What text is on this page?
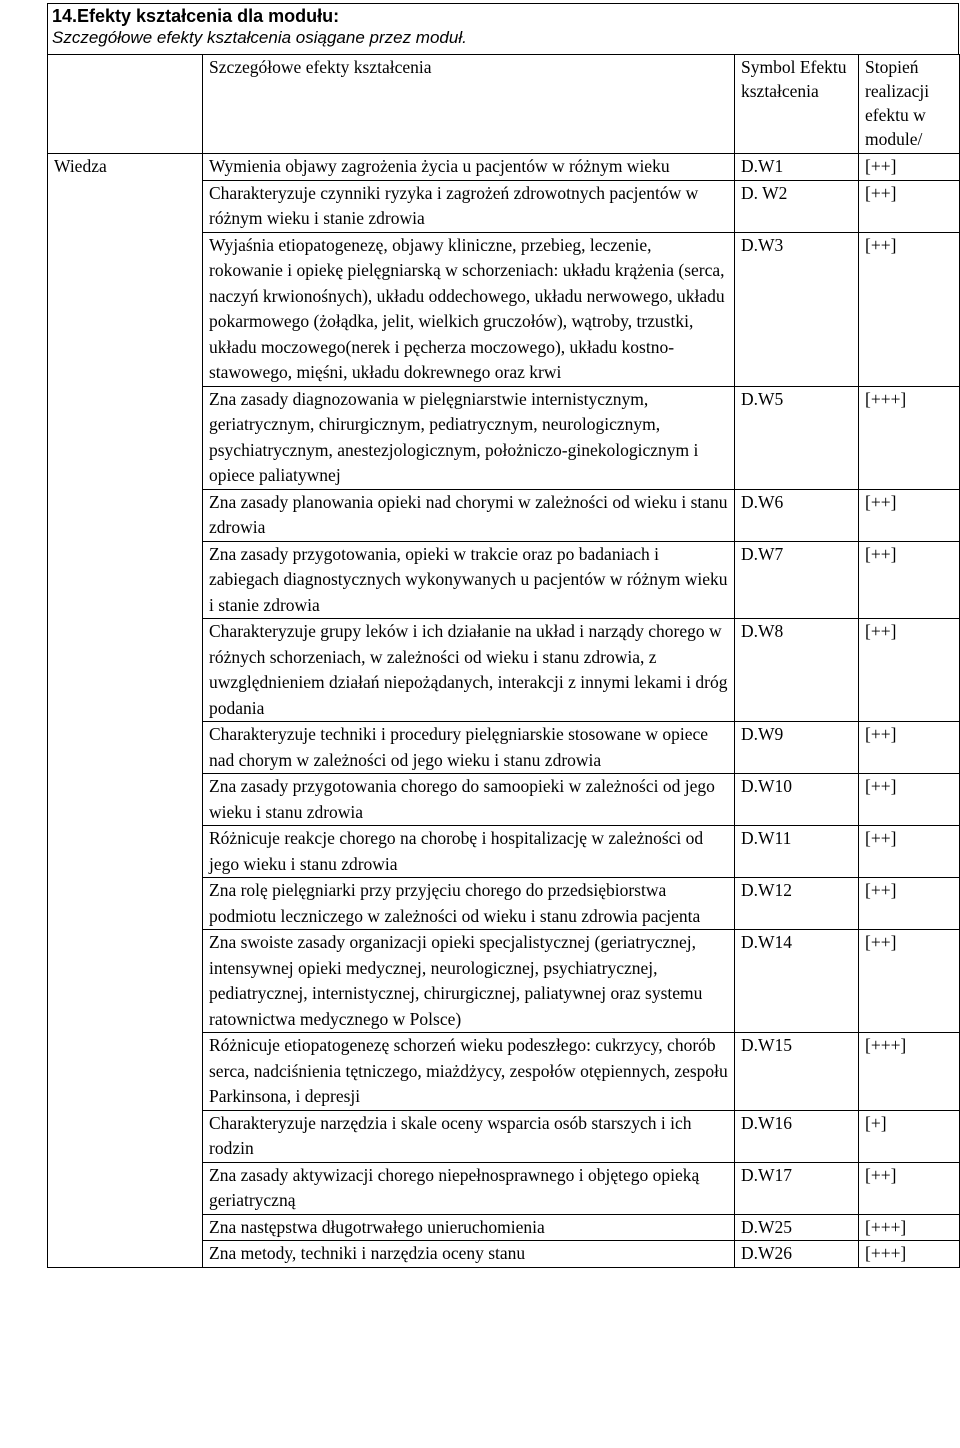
14.Efekty kształcenia dla modułu:
Szczegółowe efekty kształcenia osiągane przez moduł.
	Szczegółowe efekty kształcenia	Symbol Efektu kształcenia	Stopień realizacji efektu w module/
Wiedza	Wymienia objawy zagrożenia życia u pacjentów w różnym wieku	D.W1	[++]
	Charakteryzuje czynniki ryzyka i zagrożeń zdrowotnych pacjentów w różnym wieku i stanie zdrowia	D. W2	[++]
	Wyjaśnia etiopatogenezę, objawy kliniczne, przebieg, leczenie, rokowanie i opiekę pielęgniarską w schorzeniach: układu krążenia (serca, naczyń krwionośnych), układu oddechowego, układu nerwowego, układu pokarmowego (żołądka, jelit, wielkich gruczołów), wątroby, trzustki, układu moczowego(nerek i pęcherza moczowego), układu kostno-stawowego, mięśni, układu dokrewnego oraz krwi	D.W3	[++]
	Zna zasady diagnozowania w pielęgniarstwie internistycznym, geriatrycznym, chirurgicznym, pediatrycznym, neurologicznym, psychiatrycznym, anestezjologicznym, położniczo-ginekologicznym i opiece paliatywnej	D.W5	[+++]
	Zna zasady planowania opieki nad chorymi w zależności od wieku i stanu zdrowia	D.W6	[++]
	Zna zasady przygotowania, opieki w trakcie oraz po badaniach i zabiegach diagnostycznych wykonywanych u pacjentów w różnym wieku i stanie zdrowia	D.W7	[++]
	Charakteryzuje grupy leków i ich działanie na układ i narządy chorego w różnych schorzeniach, w zależności od wieku i stanu zdrowia, z uwzględnieniem działań niepożądanych, interakcji z innymi lekami i dróg podania	D.W8	[++]
	Charakteryzuje techniki i procedury pielęgniarskie stosowane w opiece nad chorym w zależności od jego wieku i stanu zdrowia	D.W9	[++]
	Zna zasady przygotowania chorego do samoopieki w zależności od jego wieku i stanu zdrowia	D.W10	[++]
	Różnicuje reakcje chorego na chorobę i hospitalizację w zależności od jego wieku i stanu zdrowia	D.W11	[++]
	Zna rolę pielęgniarki przy przyjęciu chorego do przedsiębiorstwa podmiotu leczniczego w zależności od wieku i stanu zdrowia pacjenta	D.W12	[++]
	Zna swoiste zasady organizacji opieki specjalistycznej (geriatrycznej, intensywnej opieki medycznej, neurologicznej, psychiatrycznej, pediatrycznej, internistycznej, chirurgicznej, paliatywnej oraz systemu ratownictwa medycznego w Polsce)	D.W14	[++]
	Różnicuje etiopatogenezę schorzeń wieku podeszłego: cukrzycy, chorób serca, nadciśnienia tętniczego, miażdżycy, zespołów otępiennych, zespołu Parkinsona, i depresji	D.W15	[+++]
	Charakteryzuje narzędzia i skale oceny wsparcia osób starszych i ich rodzin	D.W16	[+]
	Zna zasady aktywizacji chorego niepełnosprawnego i objętego opieką geriatryczną	D.W17	[++]
	Zna następstwa długotrwałego unieruchomienia	D.W25	[+++]
	Zna metody, techniki i narzędzia oceny stanu	D.W26	[+++]
